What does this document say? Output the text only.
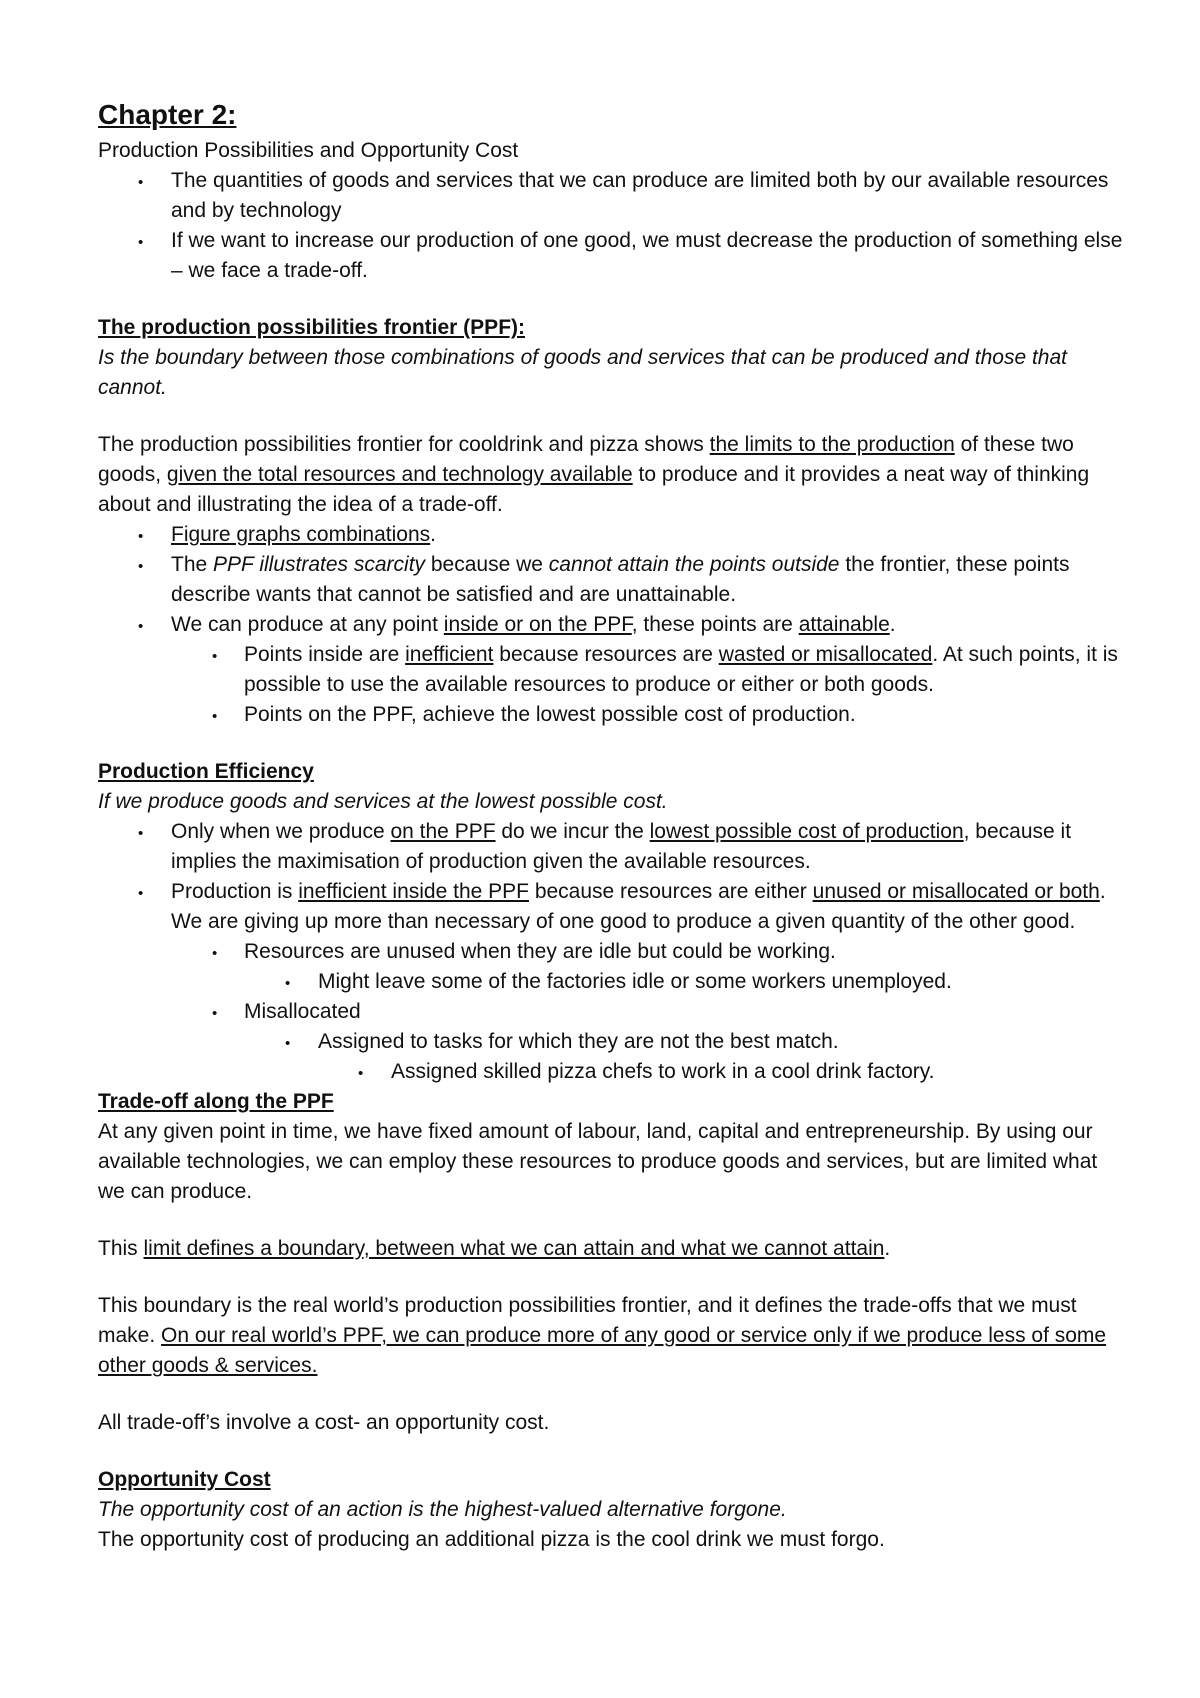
Chapter 2:

Production Possibilities and Opportunity Cost

•
The quantities of goods and services that we can produce are limited both by our available resources and by technology
•
If we want to increase our production of one good, we must decrease the production of something else – we face a trade-off.

The production possibilities frontier (PPF):

Is the boundary between those combinations of goods and services that can be produced and those that cannot.

The production possibilities frontier for cooldrink and pizza shows the limits to the production of these two goods, given the total resources and technology available to produce and it provides a neat way of thinking about and illustrating the idea of a trade-off.

•
Figure graphs combinations.
•
The PPF illustrates scarcity because we cannot attain the points outside the frontier, these points describe wants that cannot be satisfied and are unattainable.
•
We can produce at any point inside or on the PPF, these points are attainable.
•
Points inside are inefficient because resources are wasted or misallocated. At such points, it is possible to use the available resources to produce or either or both goods.
•
Points on the PPF, achieve the lowest possible cost of production.

Production Efficiency

If we produce goods and services at the lowest possible cost.

•
Only when we produce on the PPF do we incur the lowest possible cost of production, because it implies the maximisation of production given the available resources.
•
Production is inefficient inside the PPF because resources are either unused or misallocated or both. We are giving up more than necessary of one good to produce a given quantity of the other good.
•
Resources are unused when they are idle but could be working.
•
Might leave some of the factories idle or some workers unemployed.
•
Misallocated
•
Assigned to tasks for which they are not the best match.
•
Assigned skilled pizza chefs to work in a cool drink factory.

Trade-off along the PPF

At any given point in time, we have fixed amount of labour, land, capital and entrepreneurship. By using our available technologies, we can employ these resources to produce goods and services, but are limited what we can produce.

This limit defines a boundary, between what we can attain and what we cannot attain.

This boundary is the real world’s production possibilities frontier, and it defines the trade-offs that we must make. On our real world’s PPF, we can produce more of any good or service only if we produce less of some other goods & services.

All trade-off’s involve a cost- an opportunity cost.

Opportunity Cost

The opportunity cost of an action is the highest-valued alternative forgone.

The opportunity cost of producing an additional pizza is the cool drink we must forgo.
